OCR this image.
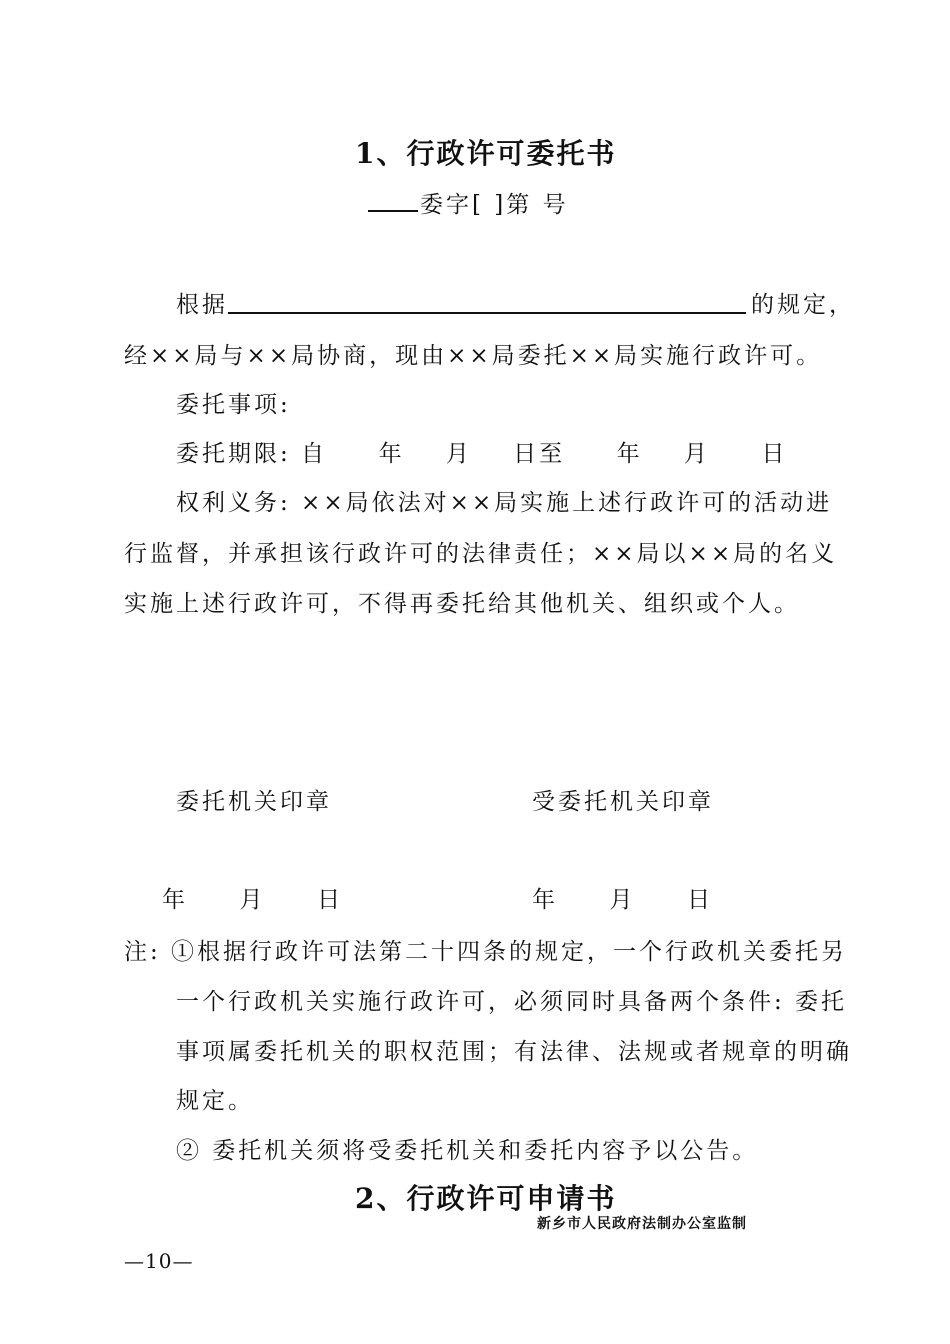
1、行政许可委托书
委字[ ]第 号
根据	的规定，
经××局与××局协商，现由××局委托××局实施行政许可。
委托事项:
委托期限: 自     年    月    日至     年    月     日
权利义务: ××局依法对××局实施上述行政许可的活动进
行监督，并承担该行政许可的法律责任；××局以××局的名义
实施上述行政许可，不得再委托给其他机关、组织或个人。
委托机关印章	受委托机关印章
年     月     日	年     月     日
注: ①根据行政许可法第二十四条的规定，一个行政机关委托另
一个行政机关实施行政许可，必须同时具备两个条件: 委托
事项属委托机关的职权范围；有法律、法规或者规章的明确
规定。
② 委托机关须将受委托机关和委托内容予以公告。
2、行政许可申请书
新乡市人民政府法制办公室监制
—10—
